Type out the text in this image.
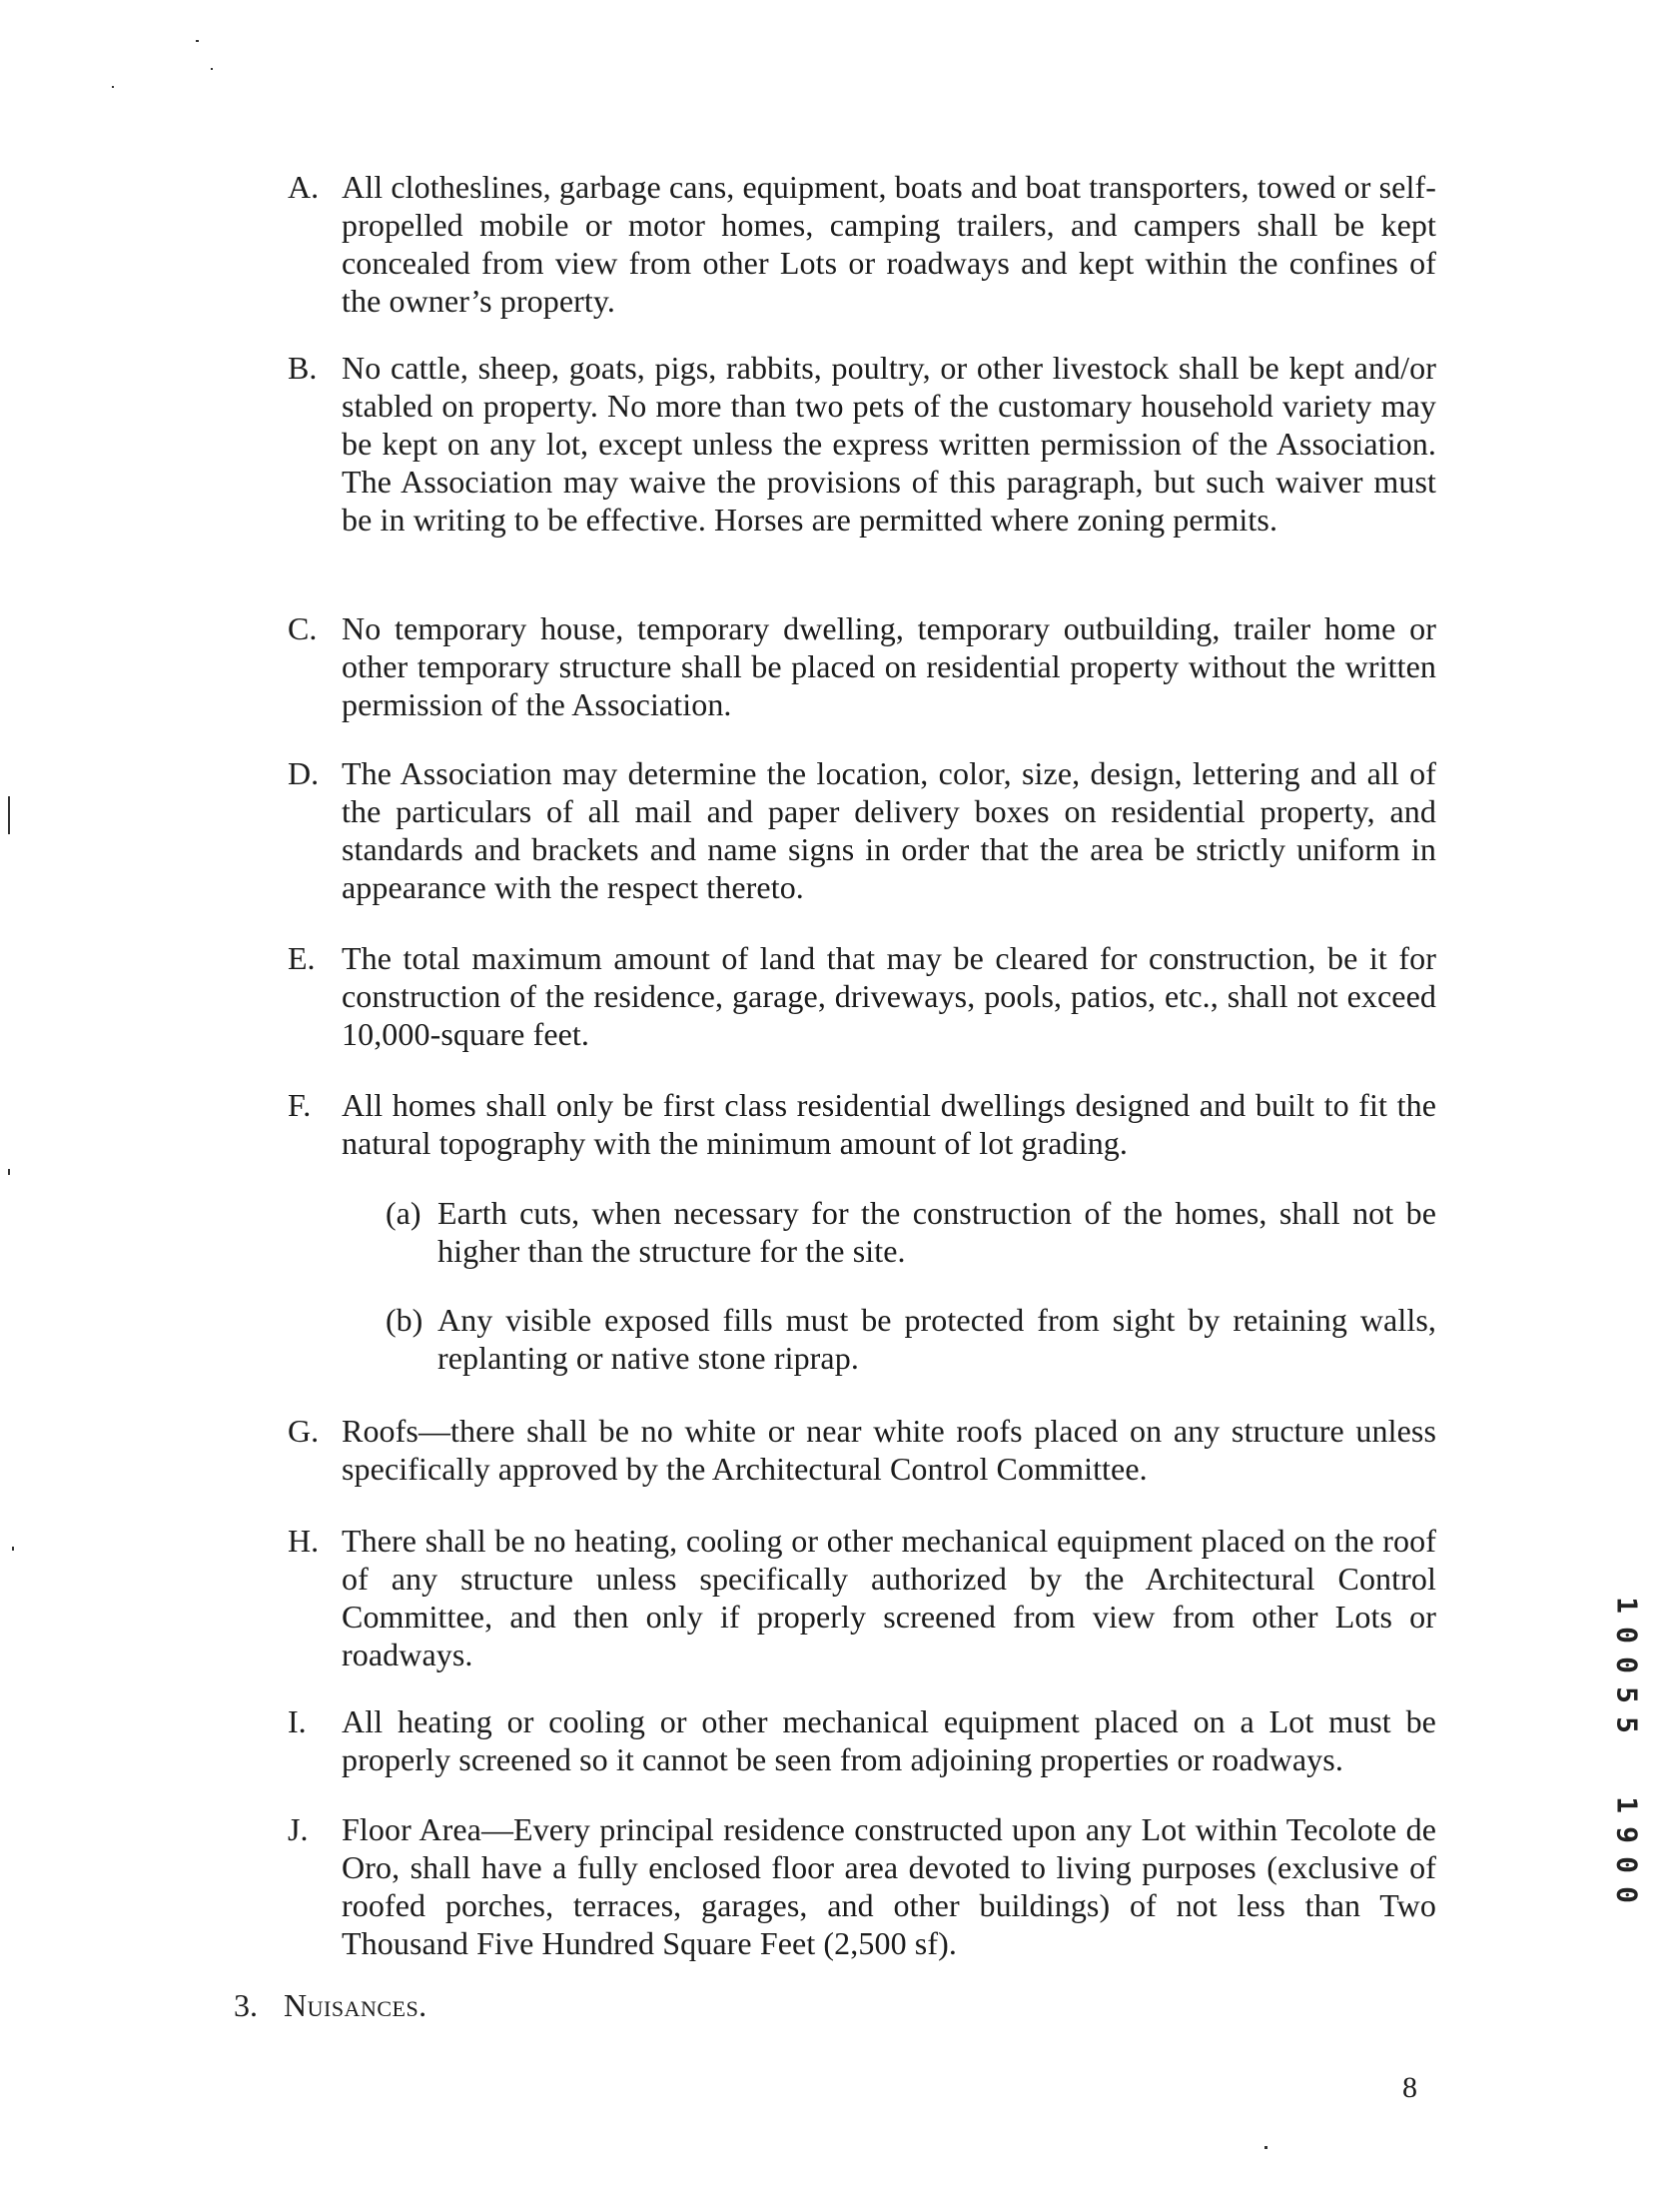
A. All clotheslines, garbage cans, equipment, boats and boat transporters, towed or self-propelled mobile or motor homes, camping trailers, and campers shall be kept concealed from view from other Lots or roadways and kept within the confines of the owner’s property.
B. No cattle, sheep, goats, pigs, rabbits, poultry, or other livestock shall be kept and/or stabled on property. No more than two pets of the customary household variety may be kept on any lot, except unless the express written permission of the Association. The Association may waive the provisions of this paragraph, but such waiver must be in writing to be effective. Horses are permitted where zoning permits.
C. No temporary house, temporary dwelling, temporary outbuilding, trailer home or other temporary structure shall be placed on residential property without the written permission of the Association.
D. The Association may determine the location, color, size, design, lettering and all of the particulars of all mail and paper delivery boxes on residential property, and standards and brackets and name signs in order that the area be strictly uniform in appearance with the respect thereto.
E. The total maximum amount of land that may be cleared for construction, be it for construction of the residence, garage, driveways, pools, patios, etc., shall not exceed 10,000-square feet.
F. All homes shall only be first class residential dwellings designed and built to fit the natural topography with the minimum amount of lot grading.
(a) Earth cuts, when necessary for the construction of the homes, shall not be higher than the structure for the site.
(b) Any visible exposed fills must be protected from sight by retaining walls, replanting or native stone riprap.
G. Roofs—there shall be no white or near white roofs placed on any structure unless specifically approved by the Architectural Control Committee.
H. There shall be no heating, cooling or other mechanical equipment placed on the roof of any structure unless specifically authorized by the Architectural Control Committee, and then only if properly screened from view from other Lots or roadways.
I. All heating or cooling or other mechanical equipment placed on a Lot must be properly screened so it cannot be seen from adjoining properties or roadways.
J. Floor Area—Every principal residence constructed upon any Lot within Tecolote de Oro, shall have a fully enclosed floor area devoted to living purposes (exclusive of roofed porches, terraces, garages, and other buildings) of not less than Two Thousand Five Hundred Square Feet (2,500 sf).
3. Nuisances.
8
1
0
0
5
5
1
9
0
0
